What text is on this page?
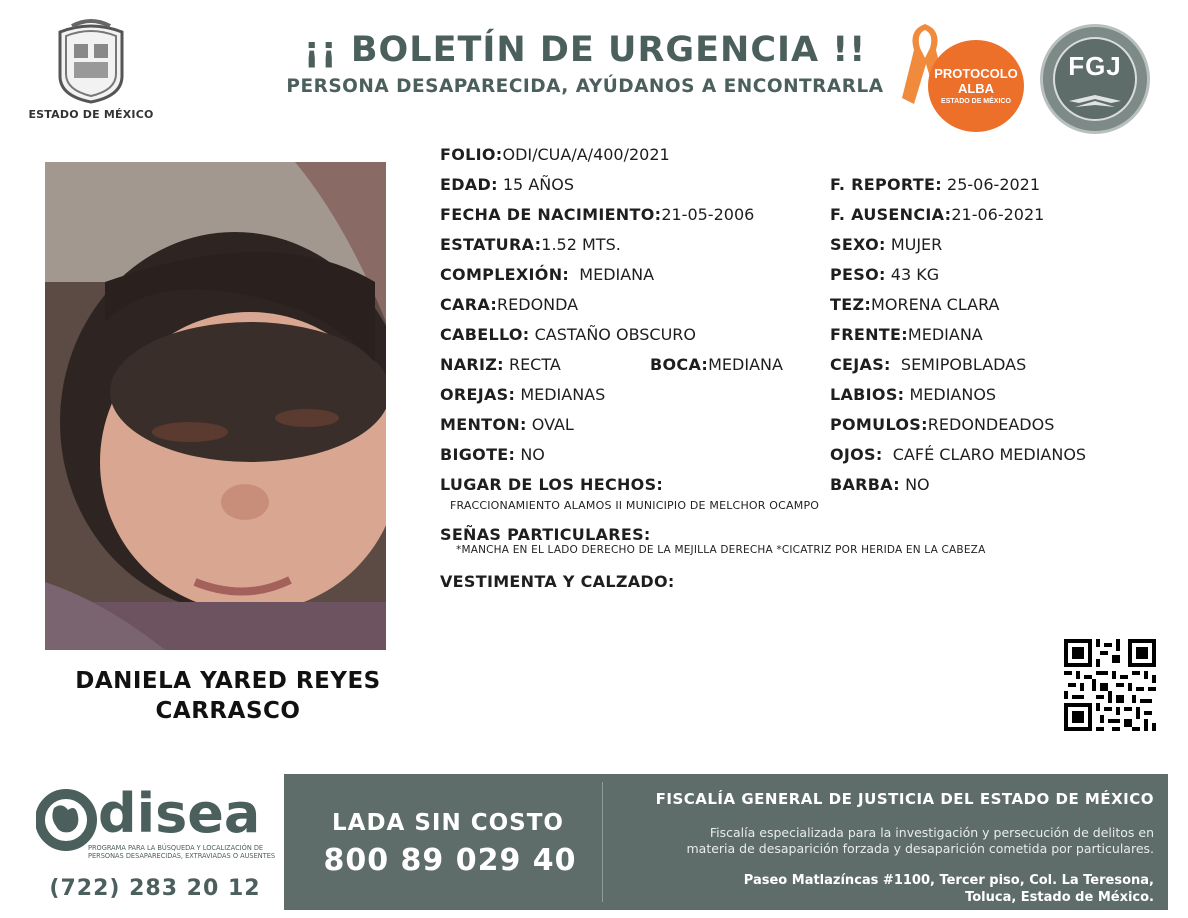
ESTADO DE MÉXICO
¡¡ BOLETÍN DE URGENCIA !!
PERSONA DESAPARECIDA, AYÚDANOS A ENCONTRARLA
PROTOCOLO
ALBA
ESTADO DE MÉXICO
FGJ
DANIELA YARED REYES
CARRASCO
FOLIO:ODI/CUA/A/400/2021
EDAD: 15 AÑOS	F. REPORTE: 25-06-2021
FECHA DE NACIMIENTO:21-05-2006	F. AUSENCIA:21-06-2021
ESTATURA:1.52 MTS.	SEXO: MUJER
COMPLEXIÓN: MEDIANA	PESO: 43 KG
CARA:REDONDA	TEZ:MORENA CLARA
CABELLO: CASTAÑO OBSCURO	FRENTE:MEDIANA
NARIZ: RECTA	BOCA:MEDIANA	CEJAS: SEMIPOBLADAS
OREJAS: MEDIANAS	LABIOS: MEDIANOS
MENTON: OVAL	POMULOS:REDONDEADOS
BIGOTE: NO	OJOS: CAFÉ CLARO MEDIANOS
LUGAR DE LOS HECHOS:	BARBA: NO
FRACCIONAMIENTO ALAMOS II MUNICIPIO DE MELCHOR OCAMPO
SEÑAS PARTICULARES:
*MANCHA EN EL LADO DERECHO DE LA MEJILLA DERECHA *CICATRIZ POR HERIDA EN LA CABEZA
VESTIMENTA Y CALZADO:
disea
PROGRAMA PARA LA BÚSQUEDA Y LOCALIZACIÓN DE PERSONAS DESAPARECIDAS, EXTRAVIADAS O AUSENTES
(722) 283 20 12
LADA SIN COSTO
800 89 029 40
FISCALÍA GENERAL DE JUSTICIA DEL ESTADO DE MÉXICO
Fiscalía especializada para la investigación y persecución de delitos en
materia de desaparición forzada y desaparición cometida por particulares.
Paseo Matlazíncas #1100, Tercer piso, Col. La Teresona,
Toluca, Estado de México.
